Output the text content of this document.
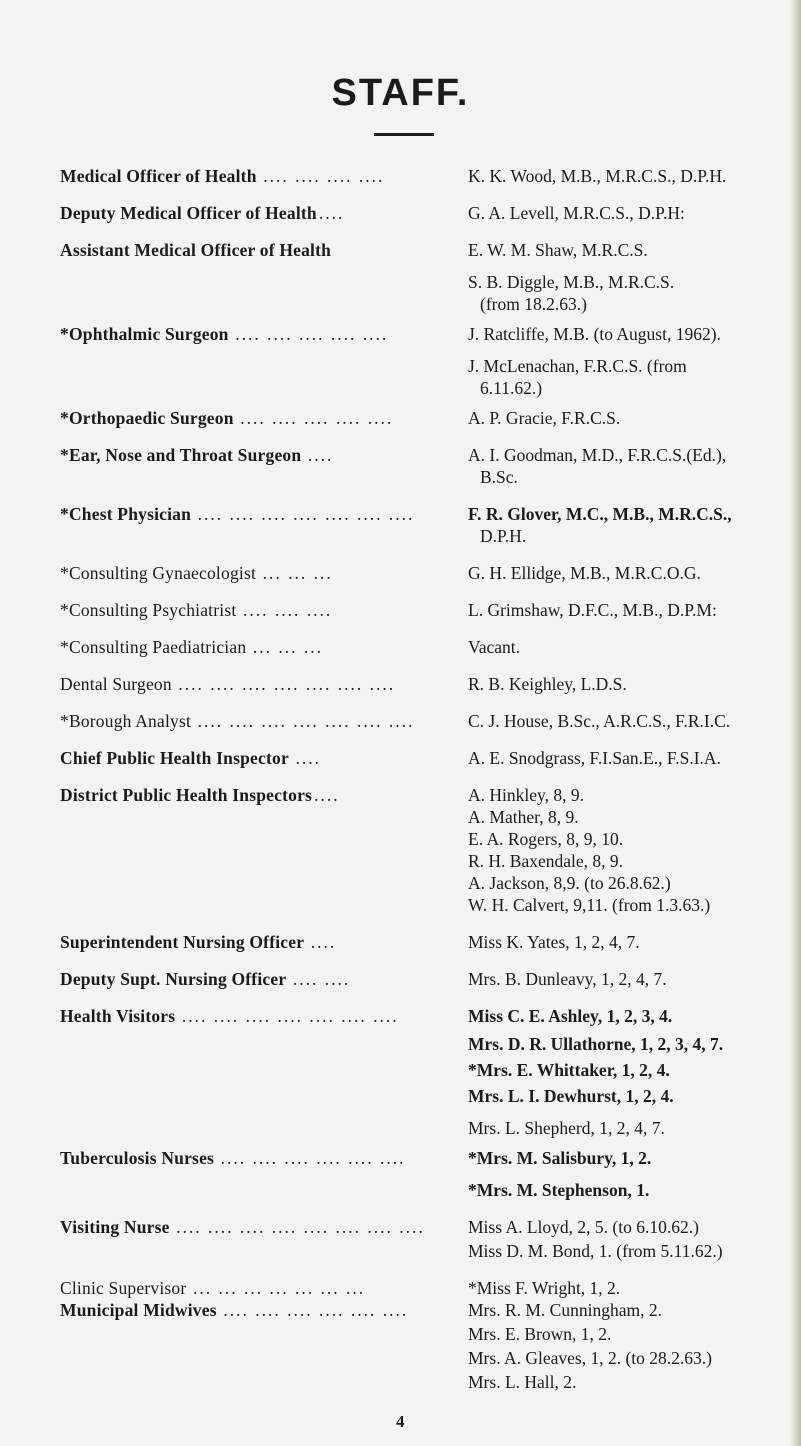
STAFF.
Medical Officer of Health .... .... .... ....	K. K. Wood, M.B., M.R.C.S., D.P.H.
Deputy Medical Officer of Health ....	G. A. Levell, M.R.C.S., D.P.H:
Assistant Medical Officer of Health	E. W. M. Shaw, M.R.C.S.
S. B. Diggle, M.B., M.R.C.S.
(from 18.2.63.)
*Ophthalmic Surgeon .... .... .... .... ....	J. Ratcliffe, M.B. (to August, 1962).
J. McLenachan, F.R.C.S. (from
6.11.62.)
*Orthopaedic Surgeon .... .... .... .... ....	A. P. Gracie, F.R.C.S.
*Ear, Nose and Throat Surgeon ....	A. I. Goodman, M.D., F.R.C.S.(Ed.),
B.Sc.
*Chest Physician .... .... .... .... .... .... ....	F. R. Glover, M.C., M.B., M.R.C.S.,
D.P.H.
*Consulting Gynaecologist ... ... ...	G. H. Ellidge, M.B., M.R.C.O.G.
*Consulting Psychiatrist .... .... ....	L. Grimshaw, D.F.C., M.B., D.P.M:
*Consulting Paediatrician ... ... ...	Vacant.
Dental Surgeon .... .... .... .... .... .... ....	R. B. Keighley, L.D.S.
*Borough Analyst .... .... .... .... .... .... ....	C. J. House, B.Sc., A.R.C.S., F.R.I.C.
Chief Public Health Inspector ....	A. E. Snodgrass, F.I.San.E., F.S.I.A.
District Public Health Inspectors ....	A. Hinkley, 8, 9.
A. Mather, 8, 9.
E. A. Rogers, 8, 9, 10.
R. H. Baxendale, 8, 9.
A. Jackson, 8,9. (to 26.8.62.)
W. H. Calvert, 9,11. (from 1.3.63.)
Superintendent Nursing Officer ....	Miss K. Yates, 1, 2, 4, 7.
Deputy Supt. Nursing Officer .... ....	Mrs. B. Dunleavy, 1, 2, 4, 7.
Health Visitors .... .... .... .... .... .... ....	Miss C. E. Ashley, 1, 2, 3, 4.
Mrs. D. R. Ullathorne, 1, 2, 3, 4, 7.
*Mrs. E. Whittaker, 1, 2, 4.
Mrs. L. I. Dewhurst, 1, 2, 4.
Mrs. L. Shepherd, 1, 2, 4, 7.
Tuberculosis Nurses .... .... .... .... .... ....	*Mrs. M. Salisbury, 1, 2.
*Mrs. M. Stephenson, 1.
Visiting Nurse .... .... .... .... .... .... .... ....	Miss A. Lloyd, 2, 5. (to 6.10.62.)
Miss D. M. Bond, 1. (from 5.11.62.)
Clinic Supervisor ... ... ... ... ... ... ...	*Miss F. Wright, 1, 2.
Municipal Midwives .... .... .... .... .... ....	Mrs. R. M. Cunningham, 2.
Mrs. E. Brown, 1, 2.
Mrs. A. Gleaves, 1, 2. (to 28.2.63.)
Mrs. L. Hall, 2.
4
